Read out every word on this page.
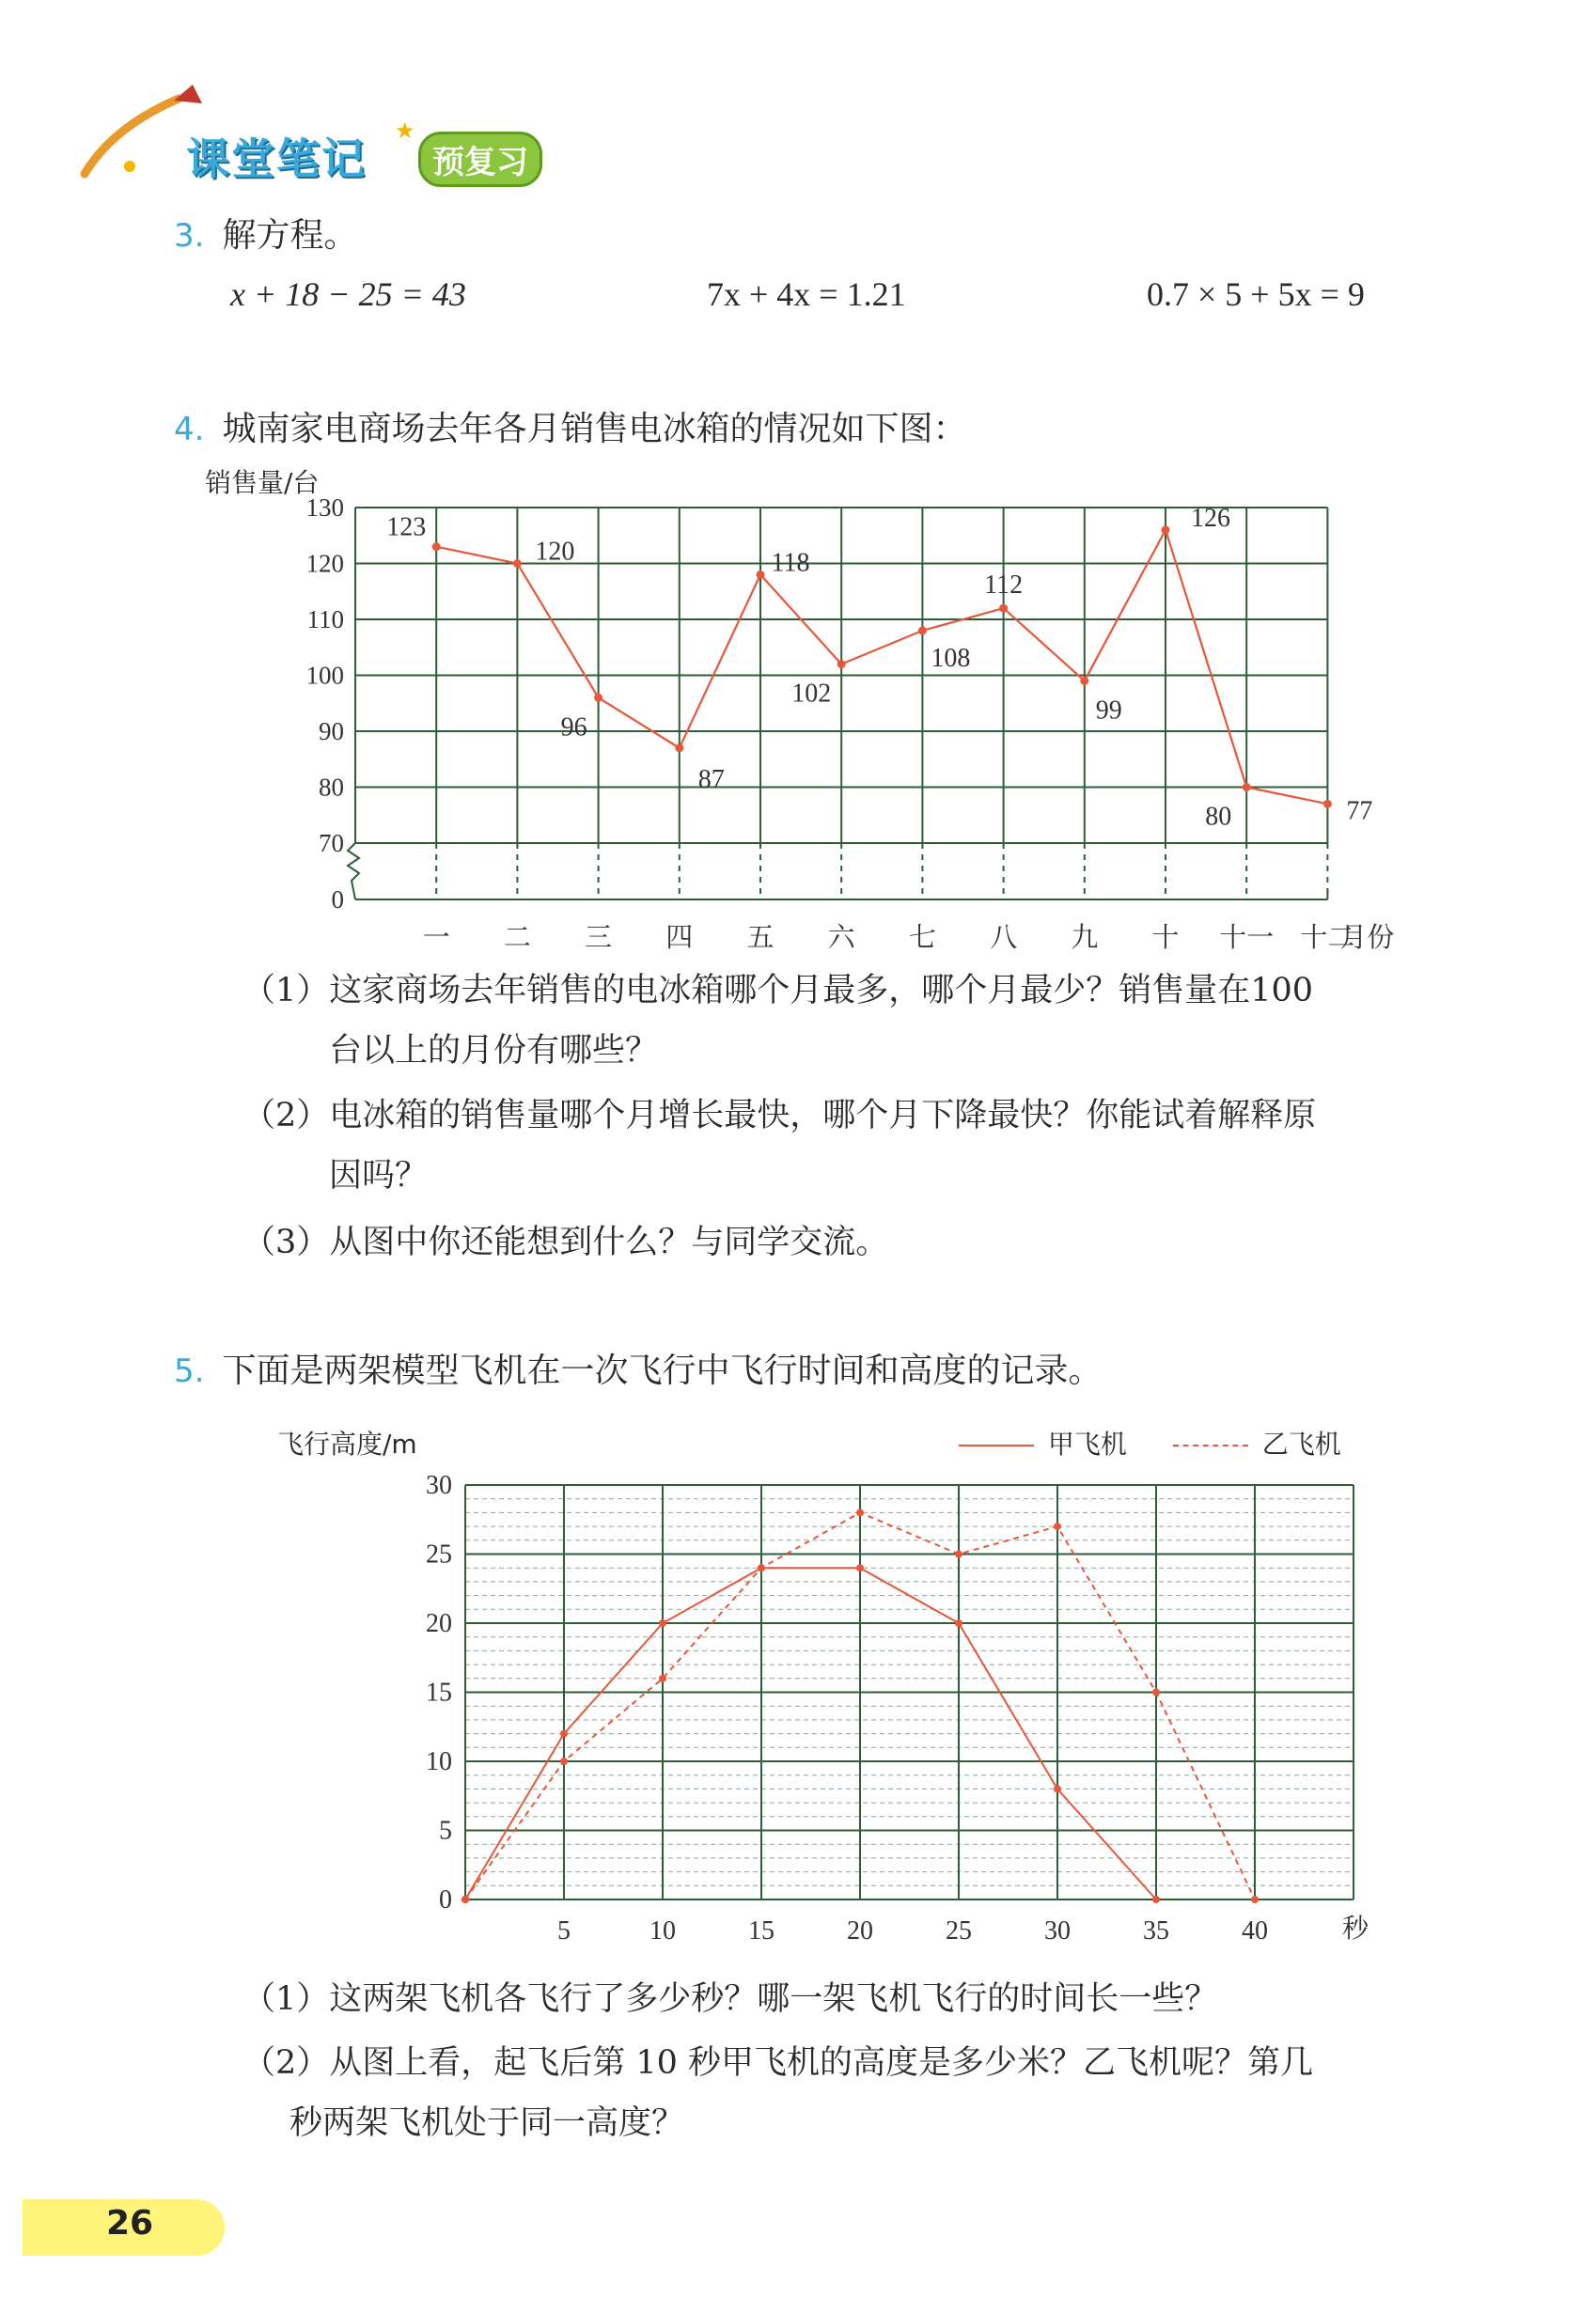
课堂笔记
★
预复习
3. 解方程。
x + 18 − 25 = 43	7x + 4x = 1.21	0.7 × 5 + 5x = 9
4. 城南家电商场去年各月销售电冰箱的情况如下图：
销售量/台
0
70
80
90
100
110
120
130
一 二 三 四 五 六 七 八 九 十 十一 十二
月份
123
120
96
87
118
102
108
112
99
126
80	77
（1）这家商场去年销售的电冰箱哪个月最多，哪个月最少？销售量在100
台以上的月份有哪些？
（2）电冰箱的销售量哪个月增长最快，哪个月下降最快？你能试着解释原
因吗？
（3）从图中你还能想到什么？与同学交流。
5. 下面是两架模型飞机在一次飞行中飞行时间和高度的记录。
飞行高度/m	甲飞机	乙飞机
0
5
10
15
20
25
30
5	10	15	20	25	30	35	40	秒
（1）这两架飞机各飞行了多少秒？哪一架飞机飞行的时间长一些？
（2）从图上看，起飞后第 10 秒甲飞机的高度是多少米？乙飞机呢？第几
秒两架飞机处于同一高度？
26
